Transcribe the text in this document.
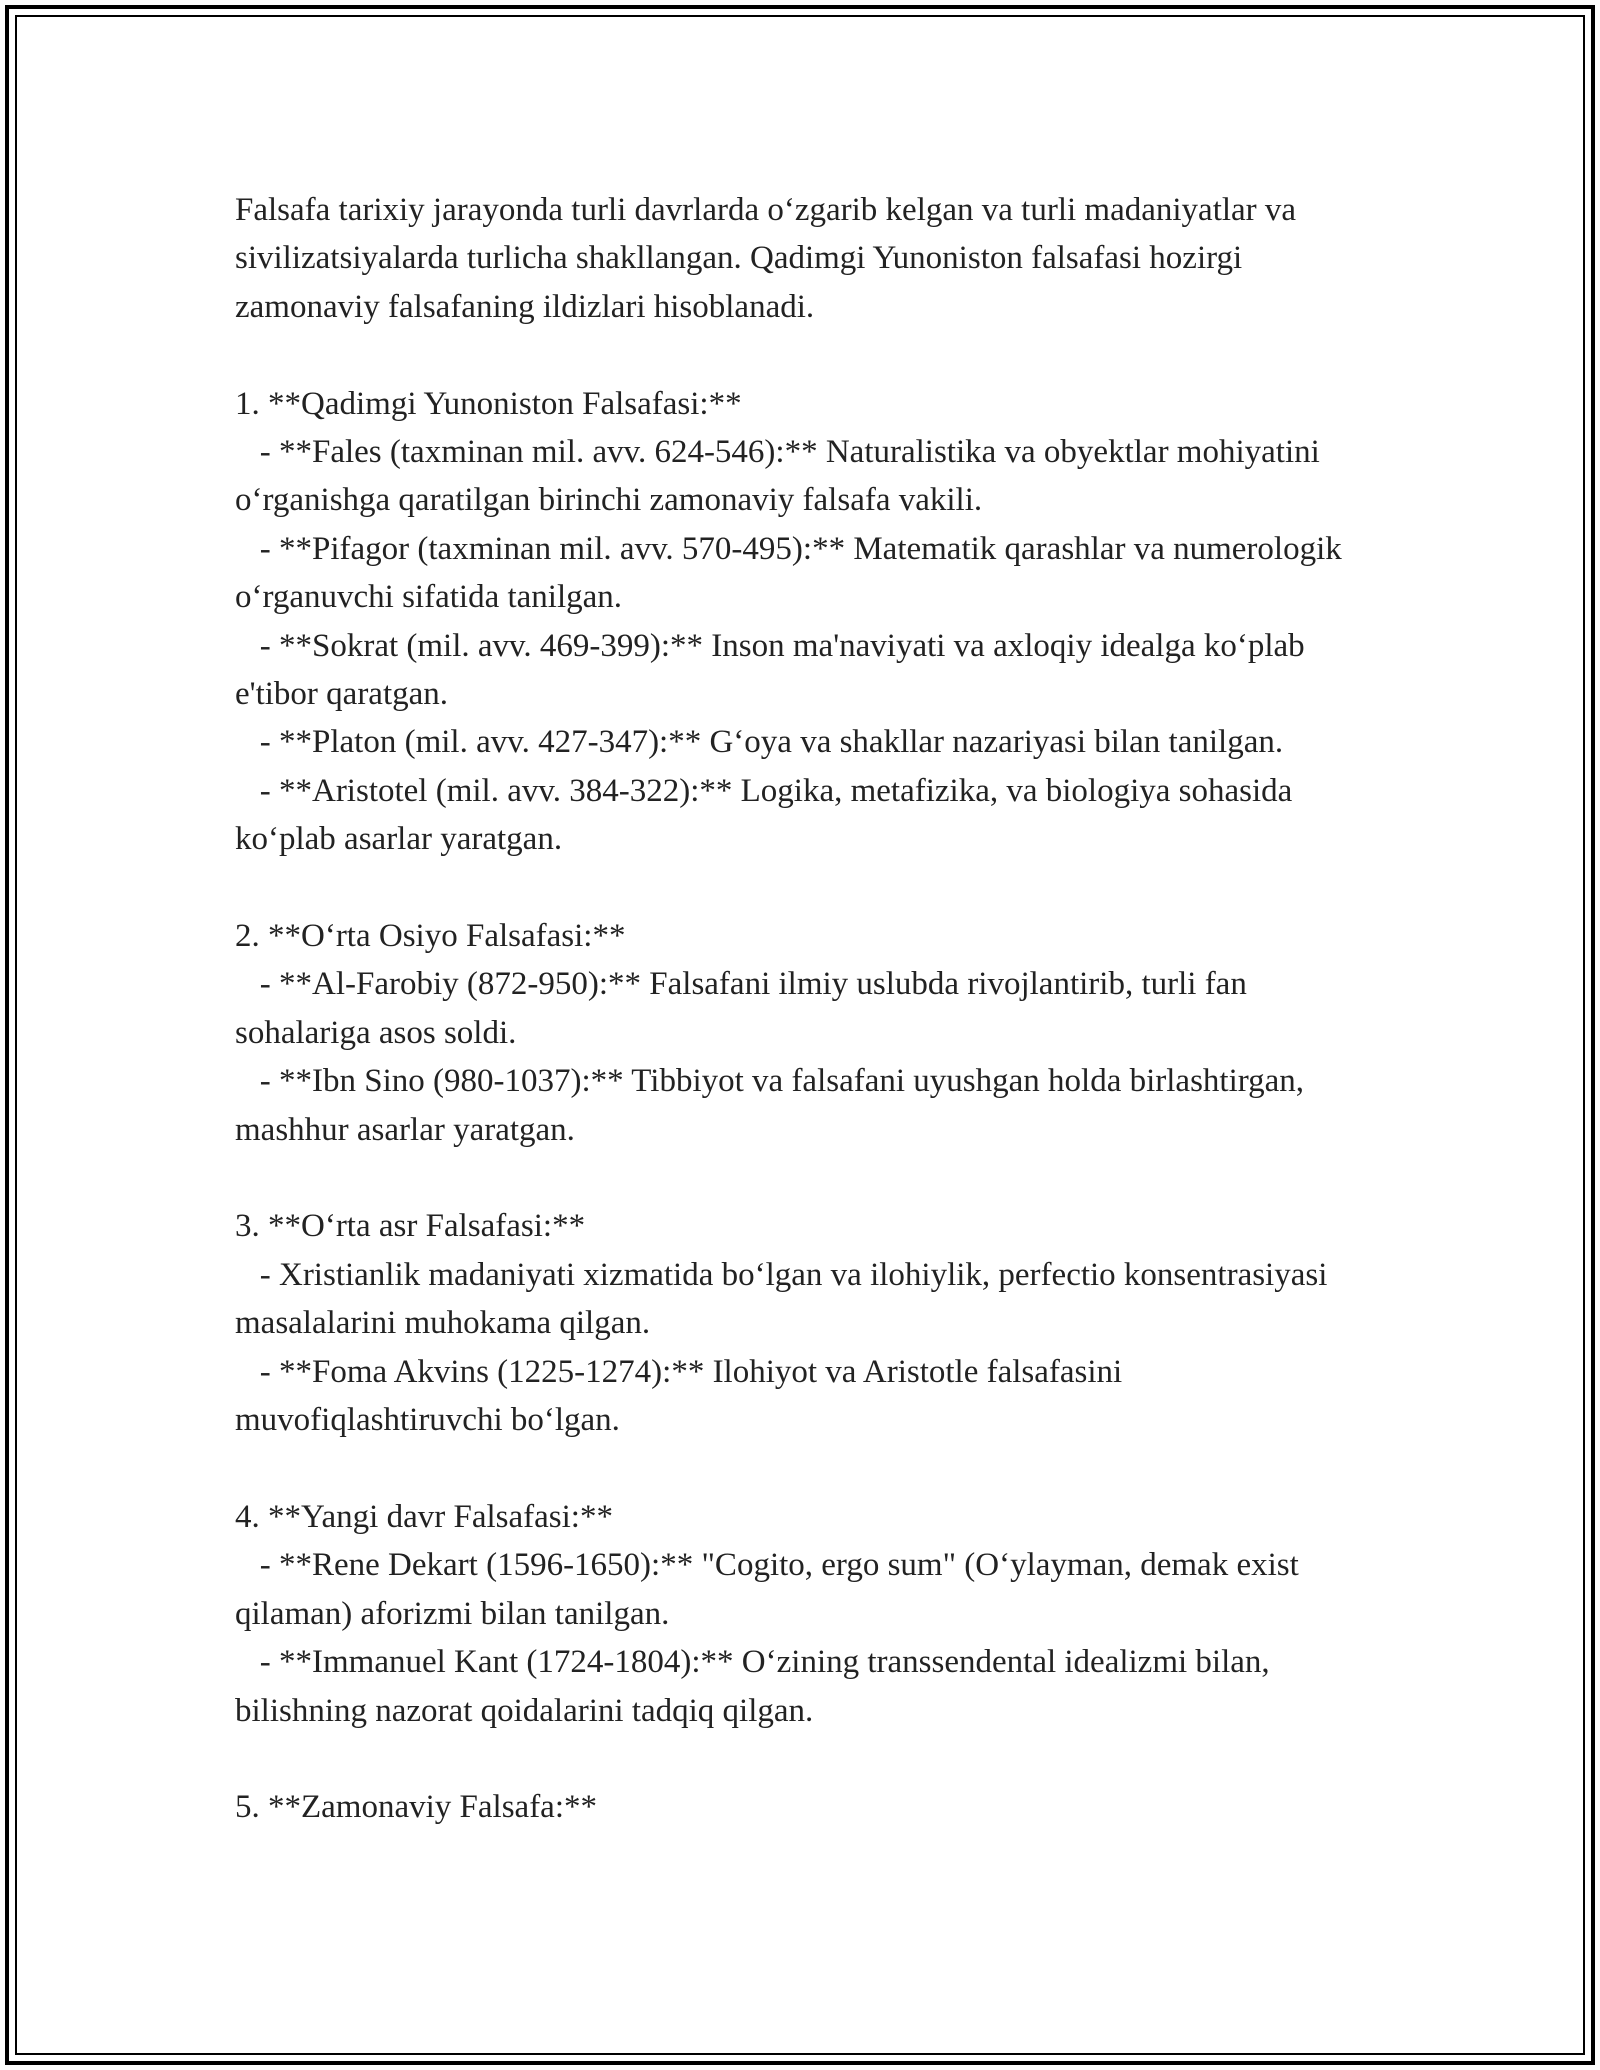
Falsafa tarixiy jarayonda turli davrlarda o‘zgarib kelgan va turli madaniyatlar va sivilizatsiyalarda turlicha shakllangan. Qadimgi Yunoniston falsafasi hozirgi zamonaviy falsafaning ildizlari hisoblanadi.

1. **Qadimgi Yunoniston Falsafasi:**

- **Fales (taxminan mil. avv. 624-546):** Naturalistika va obyektlar mohiyatini o‘rganishga qaratilgan birinchi zamonaviy falsafa vakili.

- **Pifagor (taxminan mil. avv. 570-495):** Matematik qarashlar va numerologik o‘rganuvchi sifatida tanilgan.

- **Sokrat (mil. avv. 469-399):** Inson ma'naviyati va axloqiy idealga ko‘plab e'tibor qaratgan.

- **Platon (mil. avv. 427-347):** G‘oya va shakllar nazariyasi bilan tanilgan.

- **Aristotel (mil. avv. 384-322):** Logika, metafizika, va biologiya sohasida ko‘plab asarlar yaratgan.

2. **O‘rta Osiyo Falsafasi:**

- **Al-Farobiy (872-950):** Falsafani ilmiy uslubda rivojlantirib, turli fan sohalariga asos soldi.

- **Ibn Sino (980-1037):** Tibbiyot va falsafani uyushgan holda birlashtirgan, mashhur asarlar yaratgan.

3. **O‘rta asr Falsafasi:**

- Xristianlik madaniyati xizmatida bo‘lgan va ilohiylik, perfectio konsentrasiyasi masalalarini muhokama qilgan.

- **Foma Akvins (1225-1274):** Ilohiyot va Aristotle falsafasini muvofiqlashtiruvchi bo‘lgan.

4. **Yangi davr Falsafasi:**

- **Rene Dekart (1596-1650):** "Cogito, ergo sum" (O‘ylayman, demak exist qilaman) aforizmi bilan tanilgan.

- **Immanuel Kant (1724-1804):** O‘zining transsendental idealizmi bilan, bilishning nazorat qoidalarini tadqiq qilgan.

5. **Zamonaviy Falsafa:**
